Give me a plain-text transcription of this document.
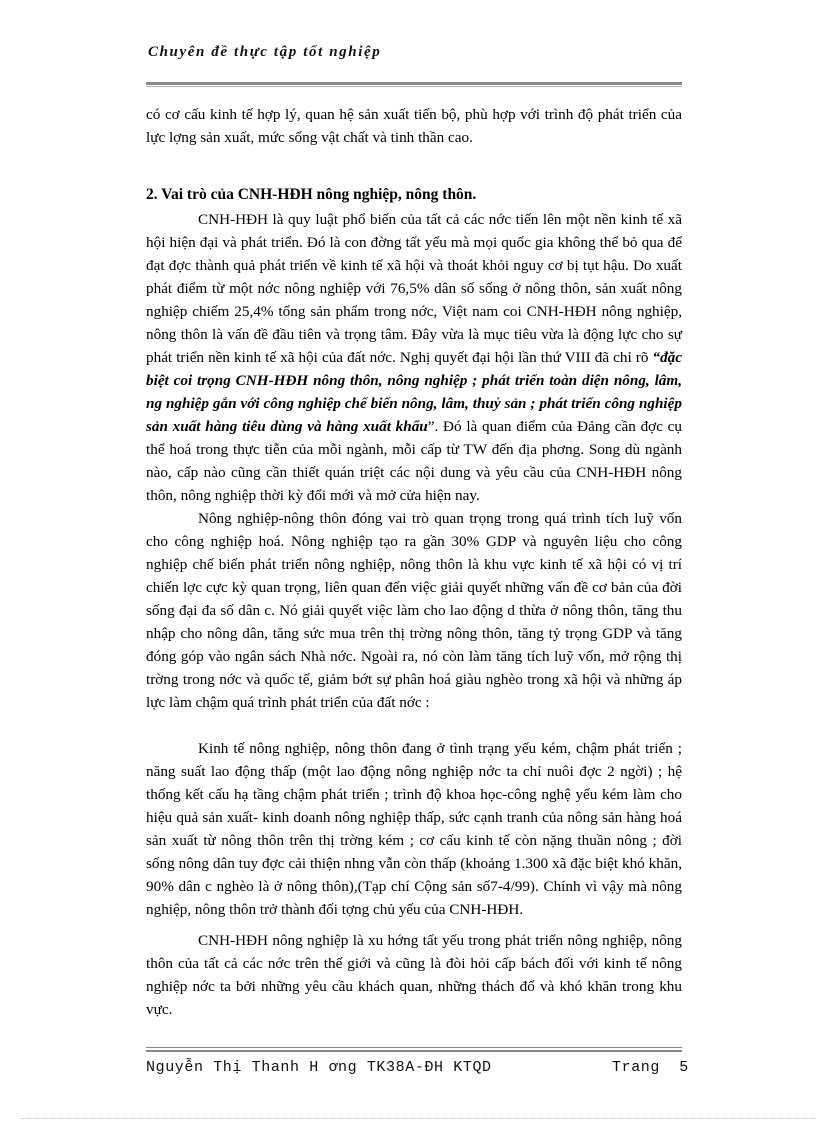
Chuyên đề thực tập tốt nghiệp

có cơ cấu kinh tế hợp lý, quan hệ sản xuất tiến bộ, phù hợp với trình độ phát triển của lực lợng sản xuất, mức sống vật chất và tinh thần cao.

2. Vai trò của CNH-HĐH nông nghiệp, nông thôn.

CNH-HĐH là quy luật phổ biến của tất cả các nớc tiến lên một nền kinh tế xã hội hiện đại và phát triển. Đó là con đờng tất yếu mà mọi quốc gia không thể bỏ qua để đạt đợc thành quả phát triển về kinh tế xã hội và thoát khỏi nguy cơ bị tụt hậu. Do xuất phát điểm từ một nớc nông nghiệp với 76,5% dân số sống ở nông thôn, sản xuất nông nghiệp chiếm 25,4% tổng sản phẩm trong nớc, Việt nam coi CNH-HĐH nông nghiệp, nông thôn là vấn đề đầu tiên và trọng tâm. Đây vừa là mục tiêu vừa là động lực cho sự phát triển nền kinh tế xã hội của đất nớc. Nghị quyết đại hội lần thứ VIII đã chỉ rõ “đặc biệt coi trọng CNH-HĐH nông thôn, nông nghiệp ; phát triển toàn diện nông, lâm, ng nghiệp gắn với công nghiệp chế biến nông, lâm, thuỷ sản ; phát triển công nghiệp sản xuất hàng tiêu dùng và hàng xuất khẩu”. Đó là quan điểm của Đảng cần đợc cụ thể hoá trong thực tiễn của mỗi ngành, mỗi cấp từ TW đến địa phơng. Song dù ngành nào, cấp nào cũng cần thiết quán triệt các nội dung và yêu cầu của CNH-HĐH nông thôn, nông nghiệp thời kỳ đổi mới và mở cửa hiện nay.

Nông nghiệp-nông thôn đóng vai trò quan trọng trong quá trình tích luỹ vốn cho công nghiệp hoá. Nông nghiệp tạo ra gần 30% GDP và nguyên liệu cho công nghiệp chế biến phát triển nông nghiệp, nông thôn là khu vực kinh tế xã hội có vị trí chiến lợc cực kỳ quan trọng, liên quan đến việc giải quyết những vấn đề cơ bản của đời sống đại đa số dân c. Nó giải quyết việc làm cho lao động d thừa ở nông thôn, tăng thu nhập cho nông dân, tăng sức mua trên thị trờng nông thôn, tăng tỷ trọng GDP và tăng đóng góp vào ngân sách Nhà nớc. Ngoài ra, nó còn làm tăng tích luỹ vốn, mở rộng thị trờng trong nớc và quốc tế, giảm bớt sự phân hoá giàu nghèo trong xã hội và những áp lực làm chậm quá trình phát triển của đất nớc :

Kinh tế nông nghiệp, nông thôn đang ở tình trạng yếu kém, chậm phát triển ; năng suất lao động thấp (một lao động nông nghiệp nớc ta chỉ nuôi đợc 2 ngời) ; hệ thống kết cấu hạ tầng chậm phát triển ; trình độ khoa học-công nghệ yếu kém làm cho hiệu quả sản xuất- kinh doanh nông nghiệp thấp, sức cạnh tranh của nông sản hàng hoá sản xuất từ nông thôn trên thị trờng kém ; cơ cấu kinh tế còn nặng thuần nông ; đời sống nông dân tuy đợc cải thiện nhng vẫn còn thấp (khoảng 1.300 xã đặc biệt khó khăn, 90% dân c nghèo là ở nông thôn),(Tạp chí Cộng sản số7-4/99). Chính vì vậy mà nông nghiệp, nông thôn trở thành đối tợng chủ yếu của CNH-HĐH.

CNH-HĐH nông nghiệp là xu hớng tất yếu trong phát triển nông nghiệp, nông thôn của tất cả các nớc trên thế giới và cũng là đòi hỏi cấp bách đối với kinh tế nông nghiệp nớc ta bởi những yêu cầu khách quan, những thách đố và khó khăn trong khu vực.

Nguyễn Thị Thanh H ơng TK38A-ĐH KTQD	Trang 5
